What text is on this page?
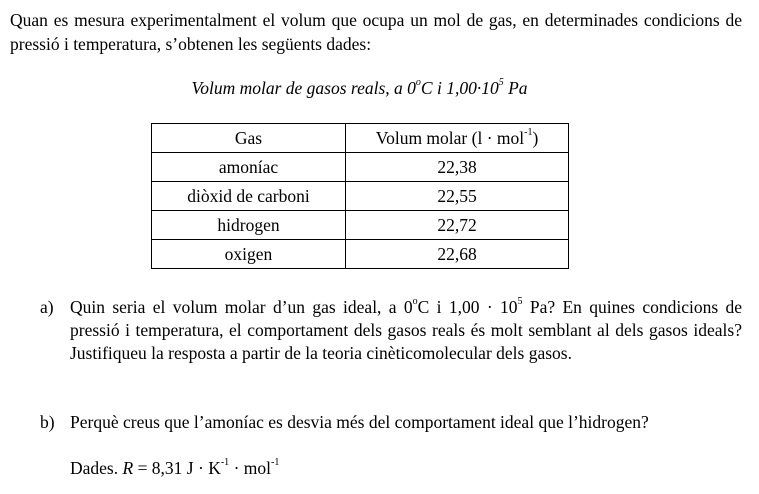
Quan es mesura experimentalment el volum que ocupa un mol de gas, en determinades condicions de pressió i temperatura, s’obtenen les següents dades:
Volum molar de gasos reals, a 0$^o$C i $1,00\cdot 10^5$ Pa
Gas	Volum molar (l · mol$^{-1}$)
amoníac	22,38
diòxid de carboni	22,55
hidrogen	22,72
oxigen	22,68
a) Quin seria el volum molar d’un gas ideal, a 0$^o$C i $1,00 \cdot 10^5$ Pa? En quines condicions de pressió i temperatura, el comportament dels gasos reals és molt semblant al dels gasos ideals? Justifiqueu la resposta a partir de la teoria cinèticomolecular dels gasos.
b) Perquè creus que l’amoníac es desvia més del comportament ideal que l’hidrogen?
Dades. R = 8,31 $J \cdot K^{-1} \cdot mol^{-1}$
